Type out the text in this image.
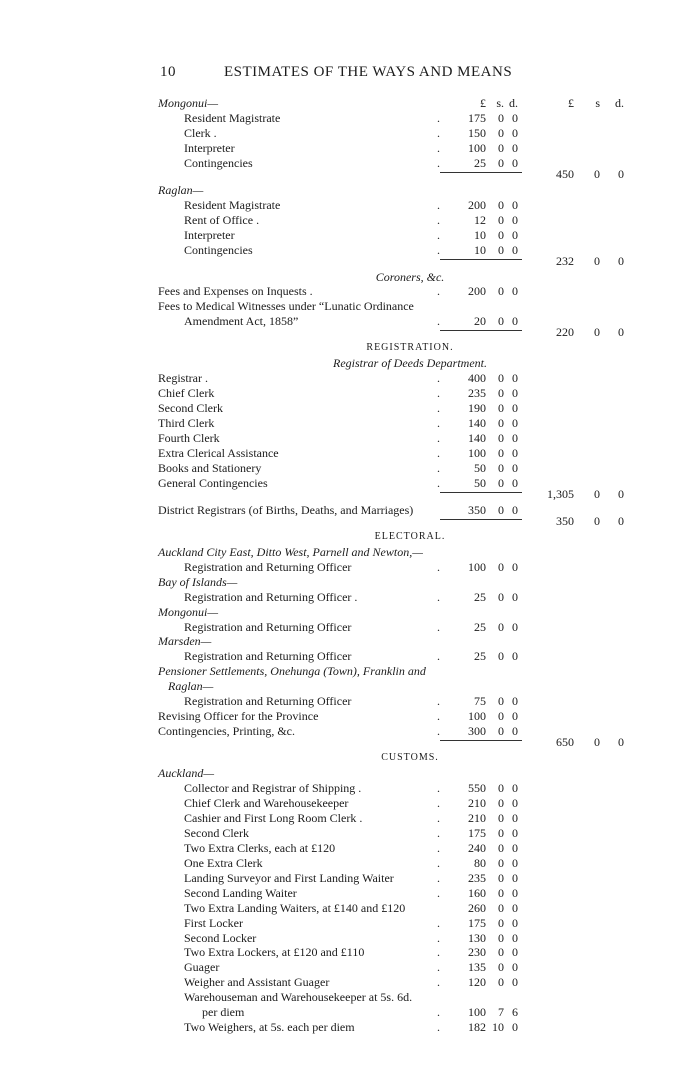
10	ESTIMATES OF THE WAYS AND MEANS
£ s. d.	£	s d.
Mongonui—
Resident Magistrate	.	175	0 0
Clerk .	.	150	0 0
Interpreter	.	100	0 0
Contingencies	.	25	0 0
450	0	0
Raglan—
Resident Magistrate	.	200	0 0
Rent of Office .	.	12	0 0
Interpreter	.	10	0 0
Contingencies	.	10	0 0
232	0	0
Coroners, &c.
Fees and Expenses on Inquests .	.	200	0 0
Fees to Medical Witnesses under “Lunatic Ordinance
Amendment Act, 1858”	.	20	0 0
220	0	0
REGISTRATION.
Registrar of Deeds Department.
Registrar .	.	400	0 0
Chief Clerk	.	235	0 0
Second Clerk	.	190	0 0
Third Clerk	.	140	0 0
Fourth Clerk	.	140	0 0
Extra Clerical Assistance	.	100	0 0
Books and Stationery	.	50	0 0
General Contingencies	.	50	0 0
1,305	0	0
District Registrars (of Births, Deaths, and Marriages)	350	0 0
350	0	0
ELECTORAL.
Auckland City East, Ditto West, Parnell and Newton,—
Registration and Returning Officer	.	100	0 0
Bay of Islands—
Registration and Returning Officer .	.	25	0 0
Mongonui—
Registration and Returning Officer	.	25	0 0
Marsden—
Registration and Returning Officer	.	25	0 0
Pensioner Settlements, Onehunga (Town), Franklin and
Raglan—
Registration and Returning Officer	.	75	0 0
Revising Officer for the Province	.	100	0 0
Contingencies, Printing, &c.	.	300	0 0
650	0	0
CUSTOMS.
Auckland—
Collector and Registrar of Shipping .	.	550	0 0
Chief Clerk and Warehousekeeper	.	210	0 0
Cashier and First Long Room Clerk .	.	210	0 0
Second Clerk	.	175	0 0
Two Extra Clerks, each at £120	.	240	0 0
One Extra Clerk	.	80	0 0
Landing Surveyor and First Landing Waiter	.	235	0 0
Second Landing Waiter	.	160	0 0
Two Extra Landing Waiters, at £140 and £120	260	0 0
First Locker	.	175	0 0
Second Locker	.	130	0 0
Two Extra Lockers, at £120 and £110	.	230	0 0
Guager	.	135	0 0
Weigher and Assistant Guager	.	120	0 0
Warehouseman and Warehousekeeper at 5s. 6d.
per diem	.	100	7 6
Two Weighers, at 5s. each per diem	.	182 10 0
